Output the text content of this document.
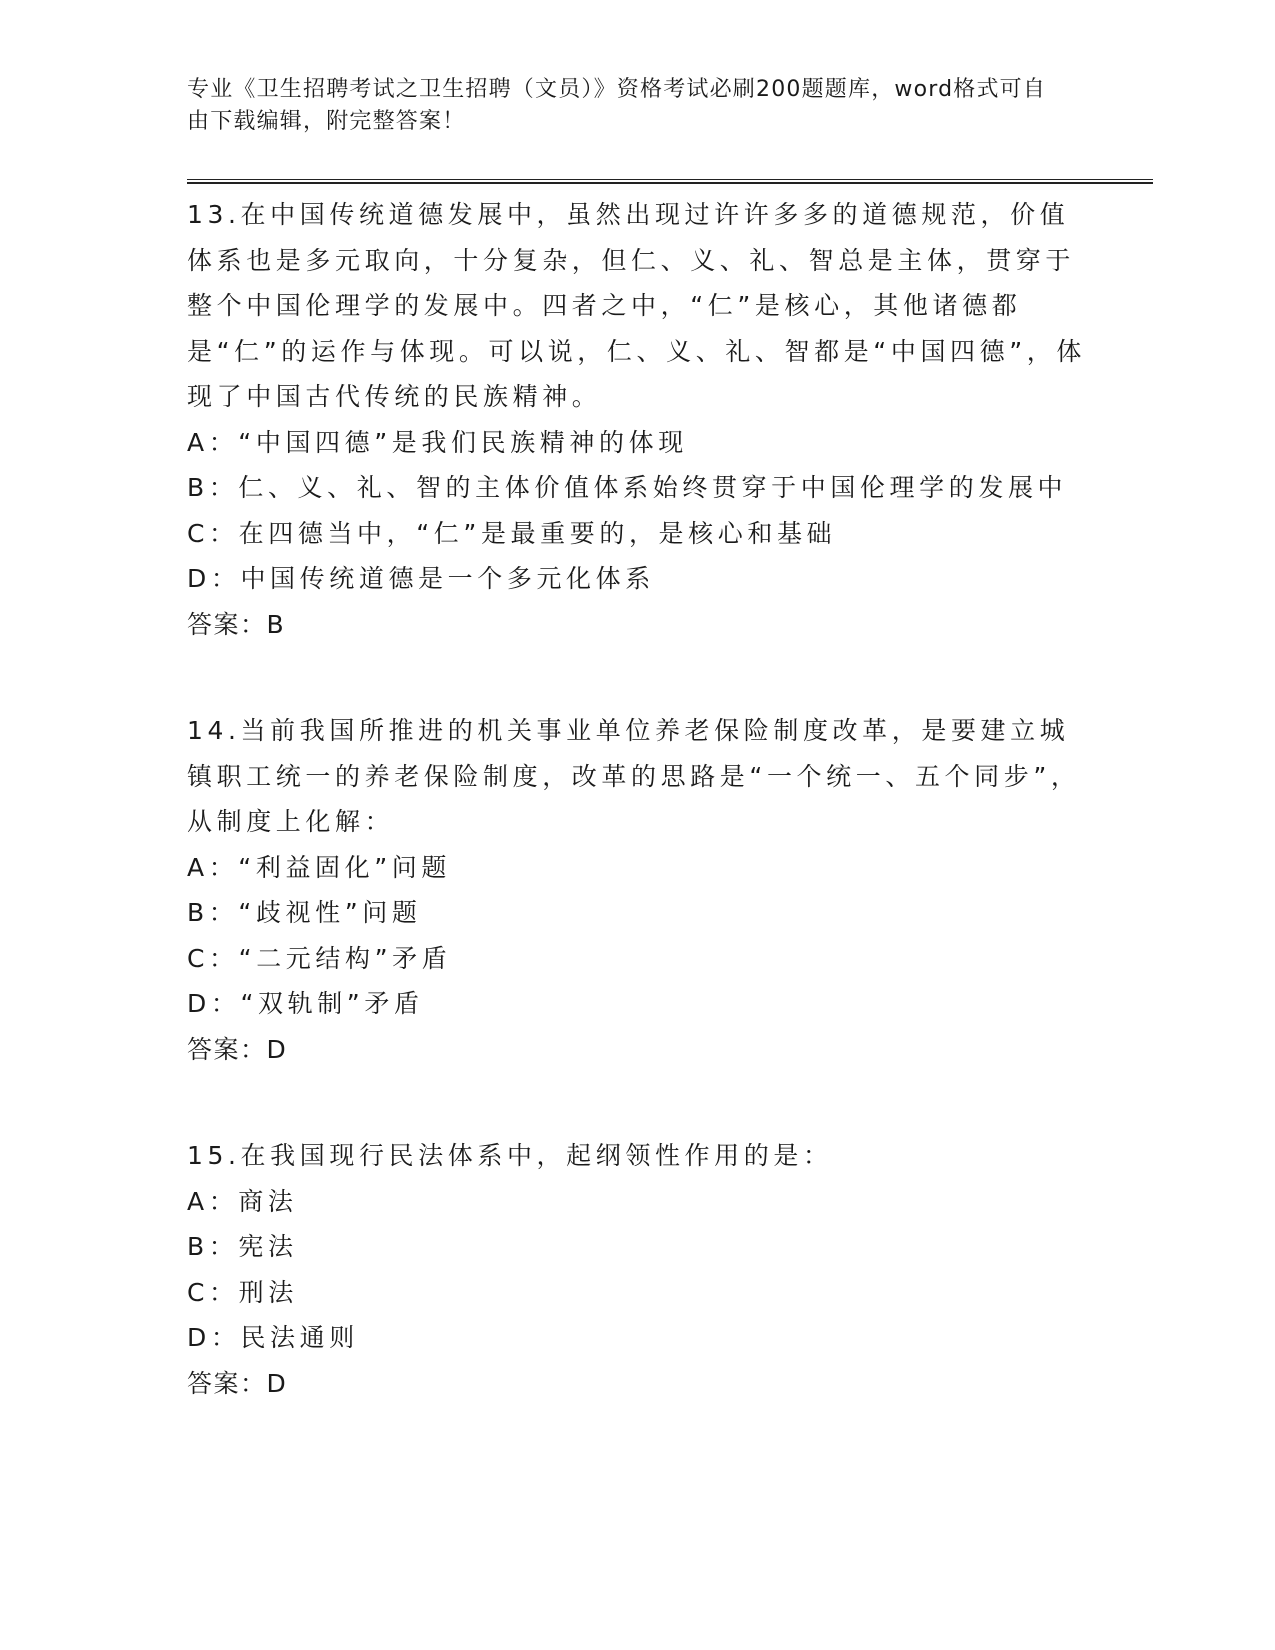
专业《卫生招聘考试之卫生招聘（文员）》资格考试必刷200题题库，word格式可自由下载编辑，附完整答案！

13.在中国传统道德发展中，虽然出现过许许多多的道德规范，价值体系也是多元取向，十分复杂，但仁、义、礼、智总是主体，贯穿于整个中国伦理学的发展中。四者之中，“仁”是核心，其他诸德都是“仁”的运作与体现。可以说，仁、义、礼、智都是“中国四德”，体现了中国古代传统的民族精神。

A：“中国四德”是我们民族精神的体现

B：仁、义、礼、智的主体价值体系始终贯穿于中国伦理学的发展中

C：在四德当中，“仁”是最重要的，是核心和基础

D：中国传统道德是一个多元化体系

答案：B

14.当前我国所推进的机关事业单位养老保险制度改革，是要建立城镇职工统一的养老保险制度，改革的思路是“一个统一、五个同步”，从制度上化解：

A：“利益固化”问题

B：“歧视性”问题

C：“二元结构”矛盾

D：“双轨制”矛盾

答案：D

15.在我国现行民法体系中，起纲领性作用的是：

A：商法

B：宪法

C：刑法

D：民法通则

答案：D
